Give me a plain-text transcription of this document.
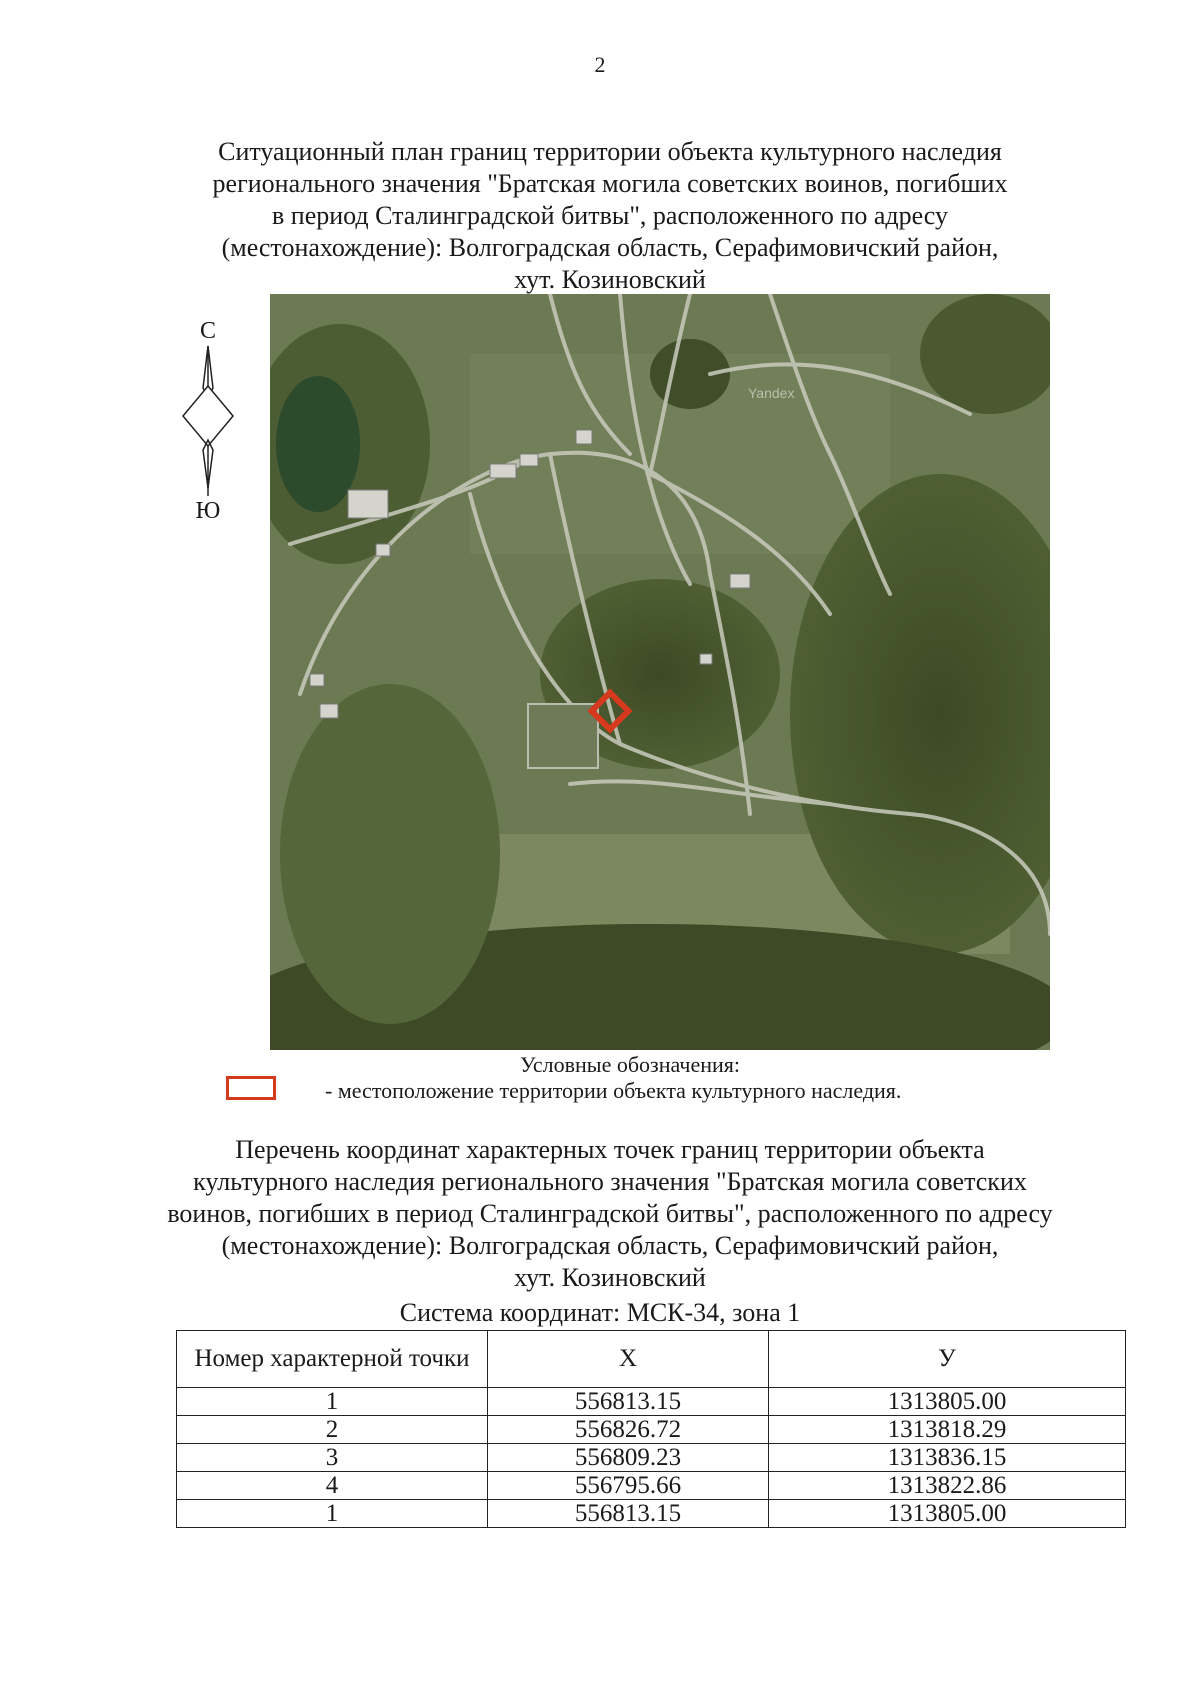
2
Ситуационный план границ территории объекта культурного наследия
регионального значения "Братская могила советских воинов, погибших
в период Сталинградской битвы", расположенного по адресу
(местонахождение): Волгоградская область, Серафимовичский район,
хут. Козиновский
С
Ю
Yandex
Условные обозначения:
- местоположение территории объекта культурного наследия.
Перечень координат характерных точек границ территории объекта
культурного наследия регионального значения "Братская могила советских
воинов, погибших в период Сталинградской битвы", расположенного по адресу
(местонахождение): Волгоградская область, Серафимовичский район,
хут. Козиновский
Система координат: МСК-34, зона 1
Номер характерной точки	X	У
1	556813.15	1313805.00
2	556826.72	1313818.29
3	556809.23	1313836.15
4	556795.66	1313822.86
1	556813.15	1313805.00
